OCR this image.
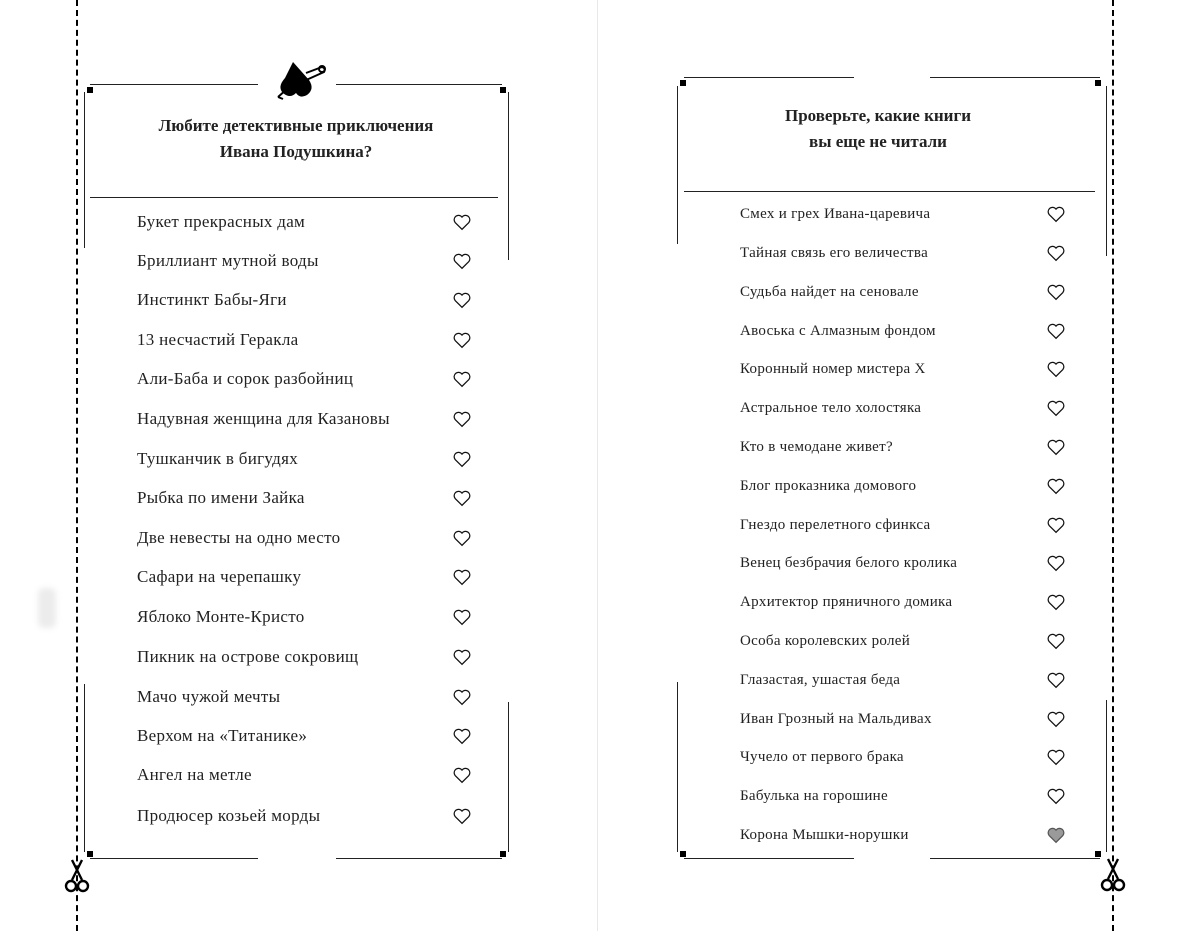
Любите детективные приключения
Ивана Подушкина?
Букет прекрасных дам
Бриллиант мутной воды
Инстинкт Бабы-Яги
13 несчастий Геракла
Али-Баба и сорок разбойниц
Надувная женщина для Казановы
Тушканчик в бигудях
Рыбка по имени Зайка
Две невесты на одно место
Сафари на черепашку
Яблоко Монте-Кристо
Пикник на острове сокровищ
Мачо чужой мечты
Верхом на «Титанике»
Ангел на метле
Продюсер козьей морды
Проверьте, какие книги
вы еще не читали
Смех и грех Ивана-царевича
Тайная связь его величества
Судьба найдет на сеновале
Авоська с Алмазным фондом
Коронный номер мистера Х
Астральное тело холостяка
Кто в чемодане живет?
Блог проказника домового
Гнездо перелетного сфинкса
Венец безбрачия белого кролика
Архитектор пряничного домика
Особа королевских ролей
Глазастая, ушастая беда
Иван Грозный на Мальдивах
Чучело от первого брака
Бабулька на горошине
Корона Мышки-норушки
